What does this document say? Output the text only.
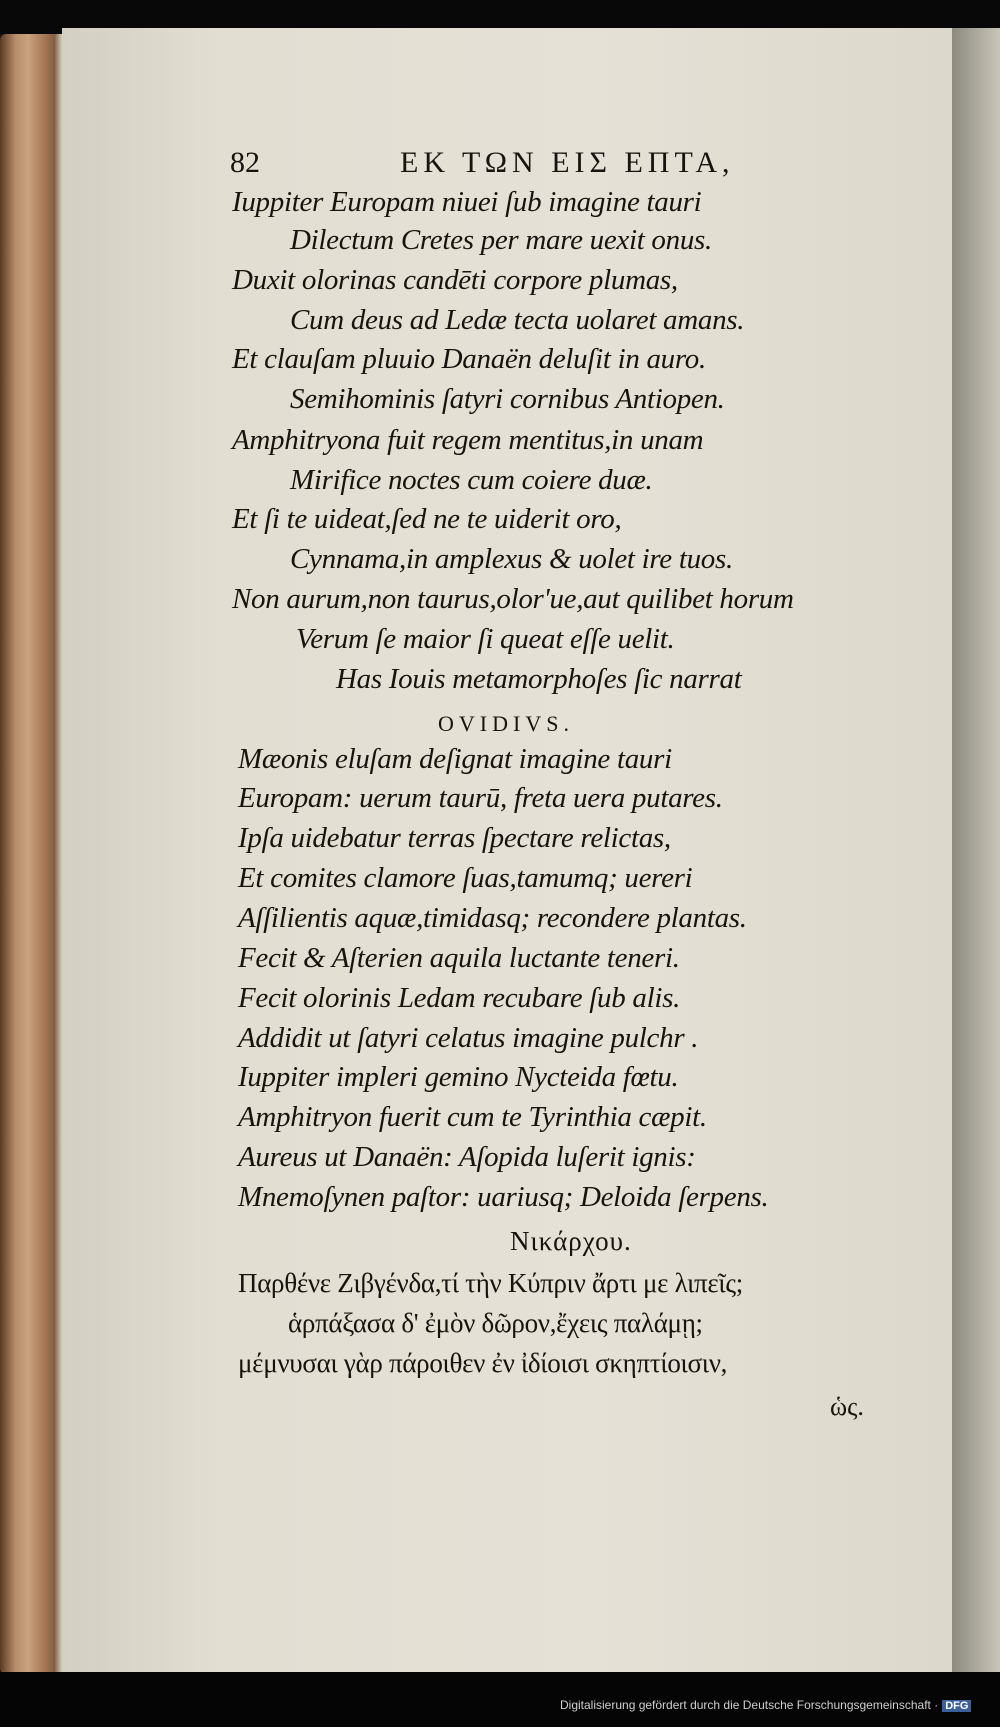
82	ΕΚ ΤΩΝ ΕΙΣ ΕΠΤΑ,
Iuppiter Europam niuei ſub imagine tauri
Dilectum Cretes per mare uexit onus.
Duxit olorinas candēti corpore plumas,
Cum deus ad Ledæ tecta uolaret amans.
Et clauſam pluuio Danaën deluſit in auro.
Semihominis ſatyri cornibus Antiopen.
Amphitryona fuit regem mentitus,in unam
Mirifice noctes cum coiere duæ.
Et ſi te uideat,ſed ne te uiderit oro,
Cynnama,in amplexus & uolet ire tuos.
Non aurum,non taurus,olor'ue,aut quilibet horum
Verum ſe maior ſi queat eſſe uelit.
Has Iouis metamorphoſes ſic narrat
OVIDIVS.
Mæonis eluſam deſignat imagine tauri
Europam: uerum taurū, freta uera putares.
Ipſa uidebatur terras ſpectare relictas,
Et comites clamore ſuas,tamumq; uereri
Aſſilientis aquæ,timidasq; recondere plantas.
Fecit & Aſterien aquila luctante teneri.
Fecit olorinis Ledam recubare ſub alis.
Addidit ut ſatyri celatus imagine pulchr .
Iuppiter impleri gemino Nycteida fœtu.
Amphitryon fuerit cum te Tyrinthia cæpit.
Aureus ut Danaën: Aſopida luſerit ignis:
Mnemoſynen paſtor: uariusq; Deloida ſerpens.
Νικάρχου.
Παρθένε Ζιβγένδα,τί τὴν Κύπριν ἄρτι με λιπεῖς;
ἁρπάξασα δ' ἐμὸν δῶρον,ἔχεις παλάμῃ;
μέμνυσαι γὰρ πάροιθεν ἐν ἰδίοισι σκηπτίοισιν,
ὡς.
Digitalisierung gefördert durch die Deutsche Forschungsgemeinschaft · DFG
